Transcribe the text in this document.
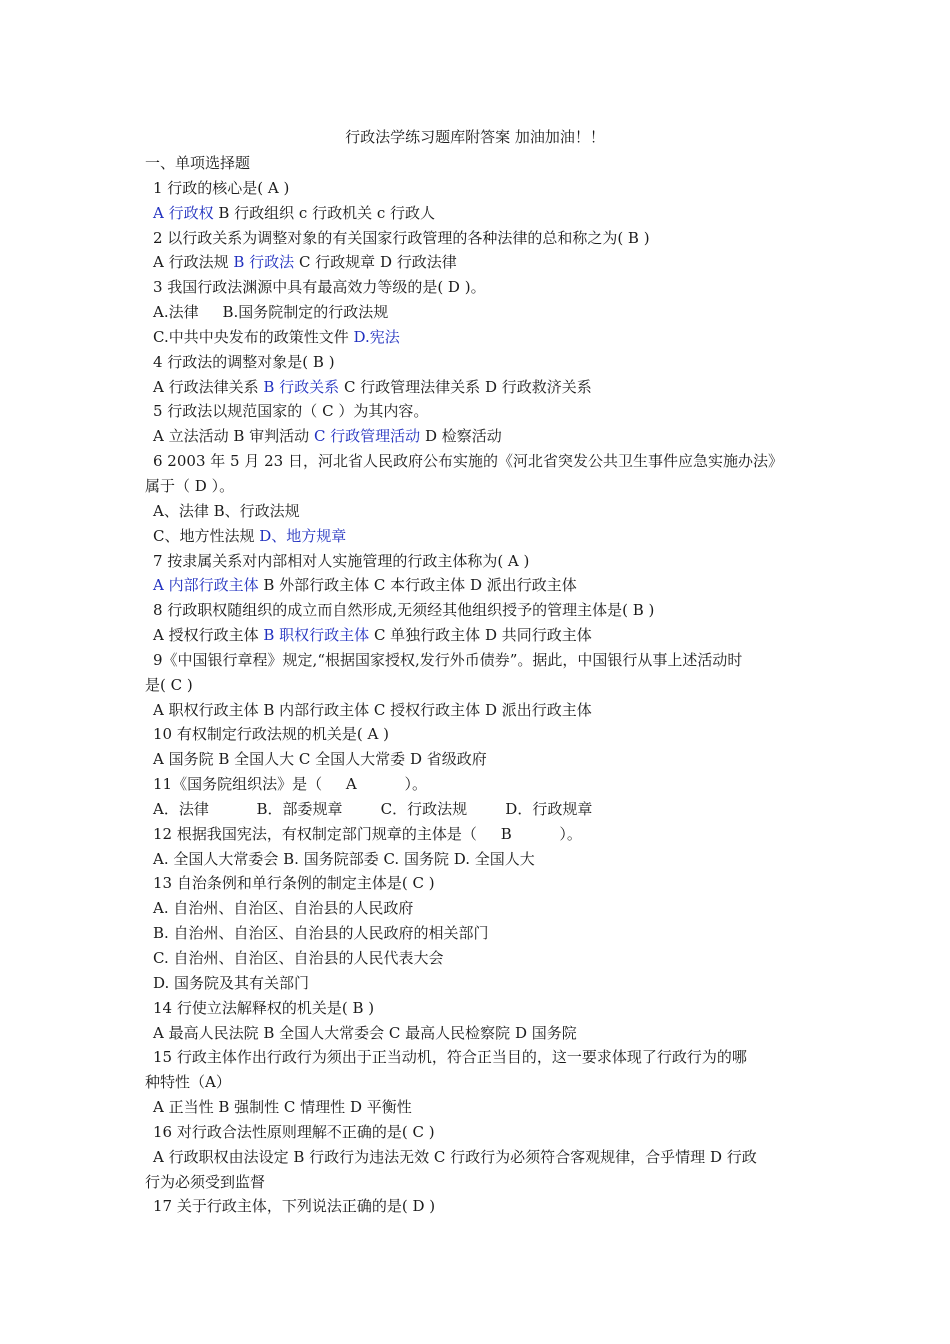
行政法学练习题库附答案 加油加油！！
一、单项选择题
1 行政的核心是( A )
A 行政权 B 行政组织 c 行政机关 c 行政人
2 以行政关系为调整对象的有关国家行政管理的各种法律的总和称之为( B )
A 行政法规 B 行政法 C 行政规章 D 行政法律
3 我国行政法渊源中具有最高效力等级的是( D )。
A.法律     B.国务院制定的行政法规
C.中共中央发布的政策性文件 D.宪法
4 行政法的调整对象是( B )
A 行政法律关系 B 行政关系 C 行政管理法律关系 D 行政救济关系
5 行政法以规范国家的（ C ）为其内容。
A 立法活动 B 审判活动 C 行政管理活动 D 检察活动
6 2003 年 5 月 23 日，河北省人民政府公布实施的《河北省突发公共卫生事件应急实施办法》
属于（ D ）。
A、法律 B、行政法规
C、地方性法规 D、地方规章
7 按隶属关系对内部相对人实施管理的行政主体称为( A )
A 内部行政主体 B 外部行政主体 C 本行政主体 D 派出行政主体
8 行政职权随组织的成立而自然形成,无须经其他组织授予的管理主体是( B )
A 授权行政主体 B 职权行政主体 C 单独行政主体 D 共同行政主体
9《中国银行章程》规定,“根据国家授权,发行外币债券”。据此，中国银行从事上述活动时
是( C )
A 职权行政主体 B 内部行政主体 C 授权行政主体 D 派出行政主体
10 有权制定行政法规的机关是( A )
A 国务院 B 全国人大 C 全国人大常委 D 省级政府
11《国务院组织法》是（     A          ）。
A．法律          B．部委规章        C．行政法规        D．行政规章
12 根据我国宪法，有权制定部门规章的主体是（     B          ）。
A. 全国人大常委会 B. 国务院部委 C. 国务院 D. 全国人大
13 自治条例和单行条例的制定主体是( C )
A. 自治州、自治区、自治县的人民政府
B. 自治州、自治区、自治县的人民政府的相关部门
C. 自治州、自治区、自治县的人民代表大会
D. 国务院及其有关部门
14 行使立法解释权的机关是( B )
A 最高人民法院 B 全国人大常委会 C 最高人民检察院 D 国务院
15 行政主体作出行政行为须出于正当动机，符合正当目的，这一要求体现了行政行为的哪
种特性（A）
A 正当性 B 强制性 C 情理性 D 平衡性
16 对行政合法性原则理解不正确的是( C )
A 行政职权由法设定 B 行政行为违法无效 C 行政行为必须符合客观规律，合乎情理 D 行政
行为必须受到监督
17 关于行政主体，下列说法正确的是( D )
